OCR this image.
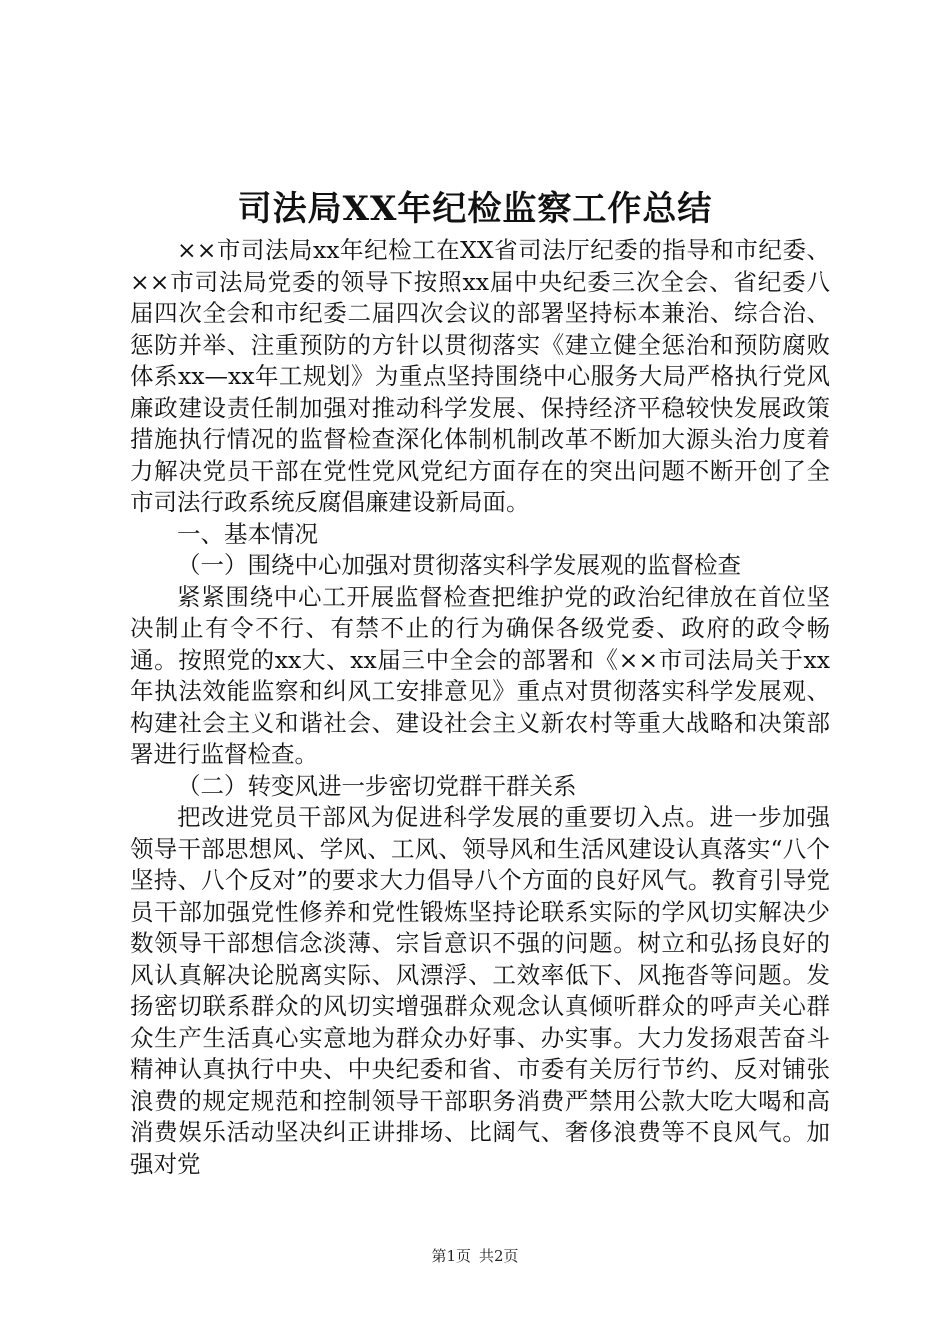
司法局XX年纪检监察工作总结

××市司法局xx年纪检工在XX省司法厅纪委的指导和市纪委、××市司法局党委的领导下按照xx届中央纪委三次全会、省纪委八届四次全会和市纪委二届四次会议的部署坚持标本兼治、综合治、惩防并举、注重预防的方针以贯彻落实《建立健全惩治和预防腐败体系xx—xx年工规划》为重点坚持围绕中心服务大局严格执行党风廉政建设责任制加强对推动科学发展、保持经济平稳较快发展政策措施执行情况的监督检查深化体制机制改革不断加大源头治力度着力解决党员干部在党性党风党纪方面存在的突出问题不断开创了全市司法行政系统反腐倡廉建设新局面。

一、基本情况

（一）围绕中心加强对贯彻落实科学发展观的监督检查

紧紧围绕中心工开展监督检查把维护党的政治纪律放在首位坚决制止有令不行、有禁不止的行为确保各级党委、政府的政令畅通。按照党的xx大、xx届三中全会的部署和《××市司法局关于xx年执法效能监察和纠风工安排意见》重点对贯彻落实科学发展观、构建社会主义和谐社会、建设社会主义新农村等重大战略和决策部署进行监督检查。

（二）转变风进一步密切党群干群关系

把改进党员干部风为促进科学发展的重要切入点。进一步加强领导干部思想风、学风、工风、领导风和生活风建设认真落实“八个坚持、八个反对”的要求大力倡导八个方面的良好风气。教育引导党员干部加强党性修养和党性锻炼坚持论联系实际的学风切实解决少数领导干部想信念淡薄、宗旨意识不强的问题。树立和弘扬良好的风认真解决论脱离实际、风漂浮、工效率低下、风拖沓等问题。发扬密切联系群众的风切实增强群众观念认真倾听群众的呼声关心群众生产生活真心实意地为群众办好事、办实事。大力发扬艰苦奋斗精神认真执行中央、中央纪委和省、市委有关厉行节约、反对铺张浪费的规定规范和控制领导干部职务消费严禁用公款大吃大喝和高消费娱乐活动坚决纠正讲排场、比阔气、奢侈浪费等不良风气。加强对党

第1页 共2页
